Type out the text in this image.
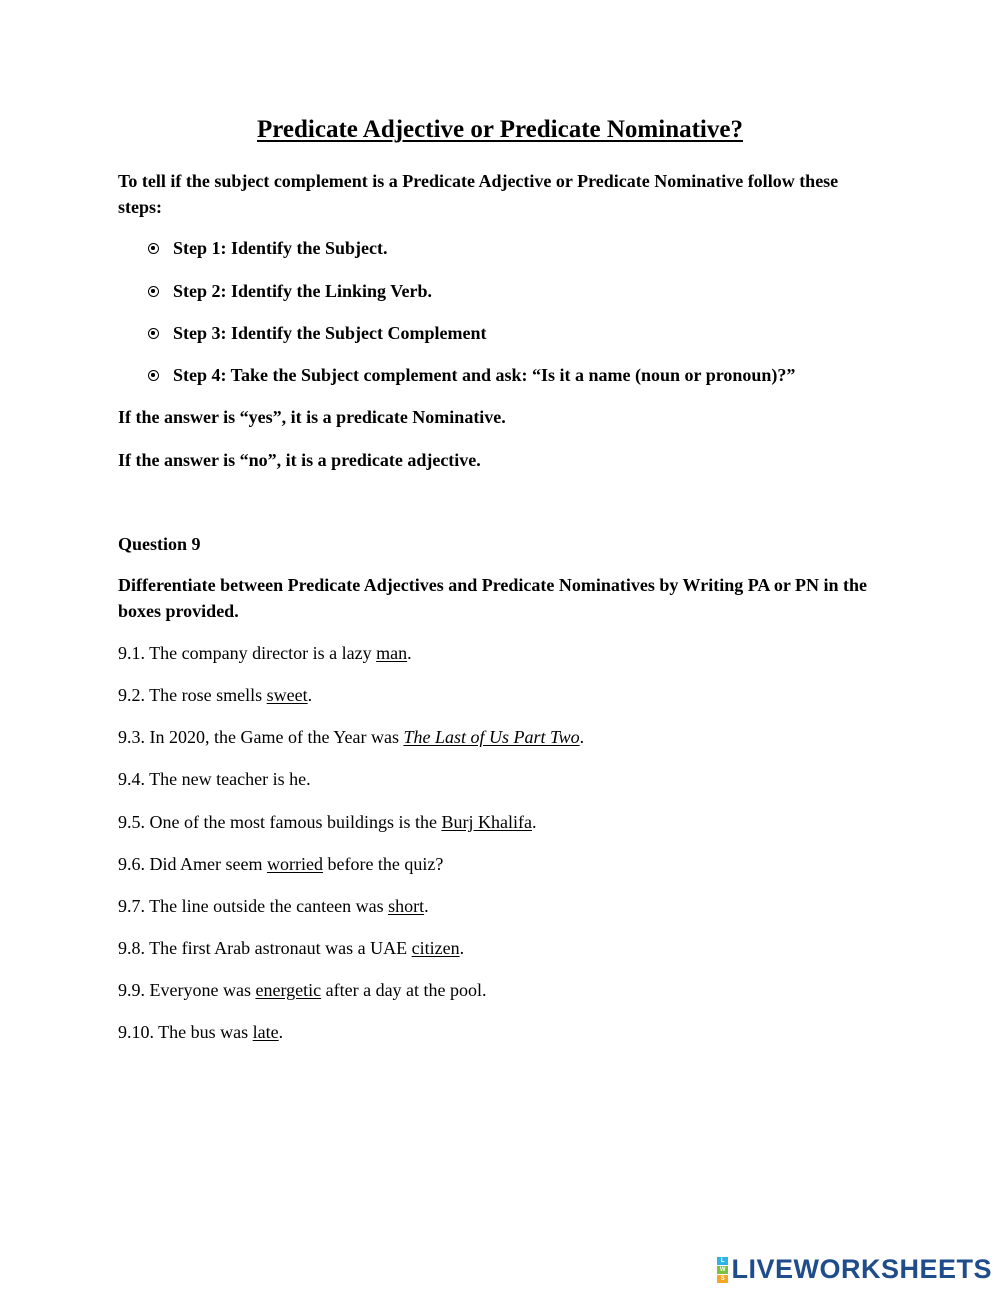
Predicate Adjective or Predicate Nominative?
To tell if the subject complement is a Predicate Adjective or Predicate Nominative follow these steps:
Step 1: Identify the Subject.
Step 2: Identify the Linking Verb.
Step 3: Identify the Subject Complement
Step 4: Take the Subject complement and ask: “Is it a name (noun or pronoun)?”
If the answer is “yes”, it is a predicate Nominative.
If the answer is “no”, it is a predicate adjective.
Question 9
Differentiate between Predicate Adjectives and Predicate Nominatives by Writing PA or PN in the boxes provided.
9.1. The company director is a lazy man.
9.2. The rose smells sweet.
9.3. In 2020, the Game of the Year was The Last of Us Part Two.
9.4. The new teacher is he.
9.5. One of the most famous buildings is the Burj Khalifa.
9.6. Did Amer seem worried before the quiz?
9.7. The line outside the canteen was short.
9.8. The first Arab astronaut was a UAE citizen.
9.9. Everyone was energetic after a day at the pool.
9.10. The bus was late.
L
W
S LIVEWORKSHEETS
